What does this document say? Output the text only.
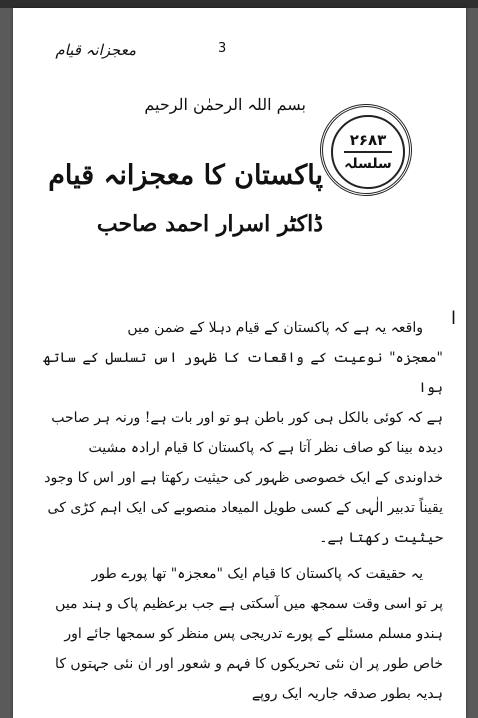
معجزانہ قیام	3
بسم اللہ الرحمٰن الرحیم
۲۶۸۳
سلسلہ
پاکستان کا معجزانہ قیام
ڈاکٹر اسرار احمد صاحب
ا

واقعہ یہ ہے کہ پاکستان کے قیام دہلا کے ضمن میں

"معجزہ" نوعیت کے واقعات کا ظہور اس تسلسل کے ساتھ ہوا

ہے کہ کوئی بالکل ہی کور باطن ہو تو اور بات ہے! ورنہ ہر صاحب

دیدہ بینا کو صاف نظر آتا ہے کہ پاکستان کا قیام ارادہ مشیت

خداوندی کے ایک خصوصی ظہور کی حیثیت رکھتا ہے اور اس کا وجود

یقیناً تدبیر الٰہی کے کسی طویل المیعاد منصوبے کی ایک اہم کڑی کی

حیثیت رکھتا ہے۔

یہ حقیقت کہ پاکستان کا قیام ایک "معجزہ" تھا پورے طور

پر تو اسی وقت سمجھ میں آسکتی ہے جب برعظیم پاک و ہند میں

ہندو مسلم مسئلے کے پورے تدریجی پس منظر کو سمجھا جائے اور

خاص طور پر ان نئی تحریکوں کا فہم و شعور اور ان نئی جہتوں کا

ہدیہ بطور صدقہ جاریہ ایک روپے
